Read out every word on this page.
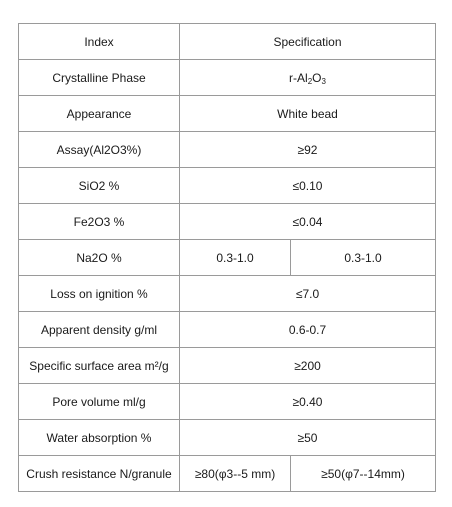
Index	Specification	
Crystalline Phase	$r-Al_2O_3$
Appearance	White bead	
Assay(Al2O3%)	≥92	
SiO2 %	≤0.10	
Fe2O3 %	≤0.04	
Na2O %	0.3-1.0	0.3-1.0
Loss on ignition %	≤7.0	
Apparent density g/ml	0.6-0.7	
Specific surface area m²/g	≥200	
Pore volume ml/g	≥0.40	
Water absorption %	≥50	
Crush resistance N/granule	≥80(φ3--5 mm)	≥50(φ7--14mm)
